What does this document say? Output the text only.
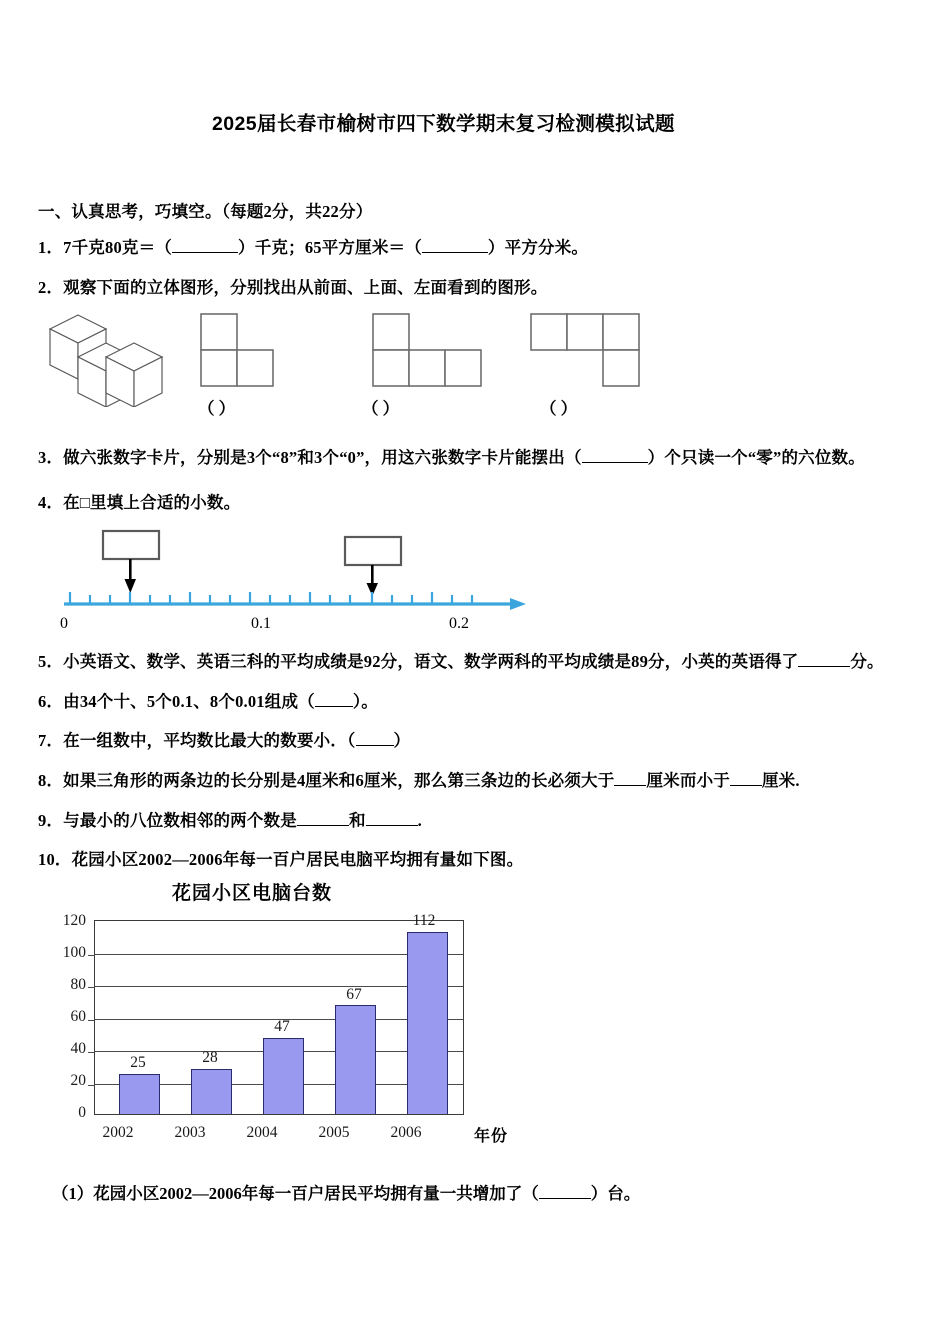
2025届长春市榆树市四下数学期末复习检测模拟试题
一、认真思考，巧填空。（每题2分，共22分）
1．7千克80克＝（	）千克；65平方厘米＝（	）平方分米。
2．观察下面的立体图形，分别找出从前面、上面、左面看到的图形。
（ ）	（ ）	（ ）
3．做六张数字卡片，分别是3个“8”和3个“0”，用这六张数字卡片能摆出（	）个只读一个“零”的六位数。
4．在□里填上合适的小数。
0	0.1	0.2
5．小英语文、数学、英语三科的平均成绩是92分，语文、数学两科的平均成绩是89分，小英的英语得了	分。
6．由34个十、5个0.1、8个0.01组成（ ）。
7．在一组数中，平均数比最大的数要小．（ ）
8．如果三角形的两条边的长分别是4厘米和6厘米，那么第三条边的长必须大于 厘米而小于 厘米.
9．与最小的八位数相邻的两个数是	和	.
10．花园小区2002—2006年每一百户居民电脑平均拥有量如下图。
花园小区电脑台数
120
100
80
60
40
20
0
25	28
47
67
112
2002	2003	2004	2005	2006	年份
（1）花园小区2002—2006年每一百户居民平均拥有量一共增加了（	）台。
